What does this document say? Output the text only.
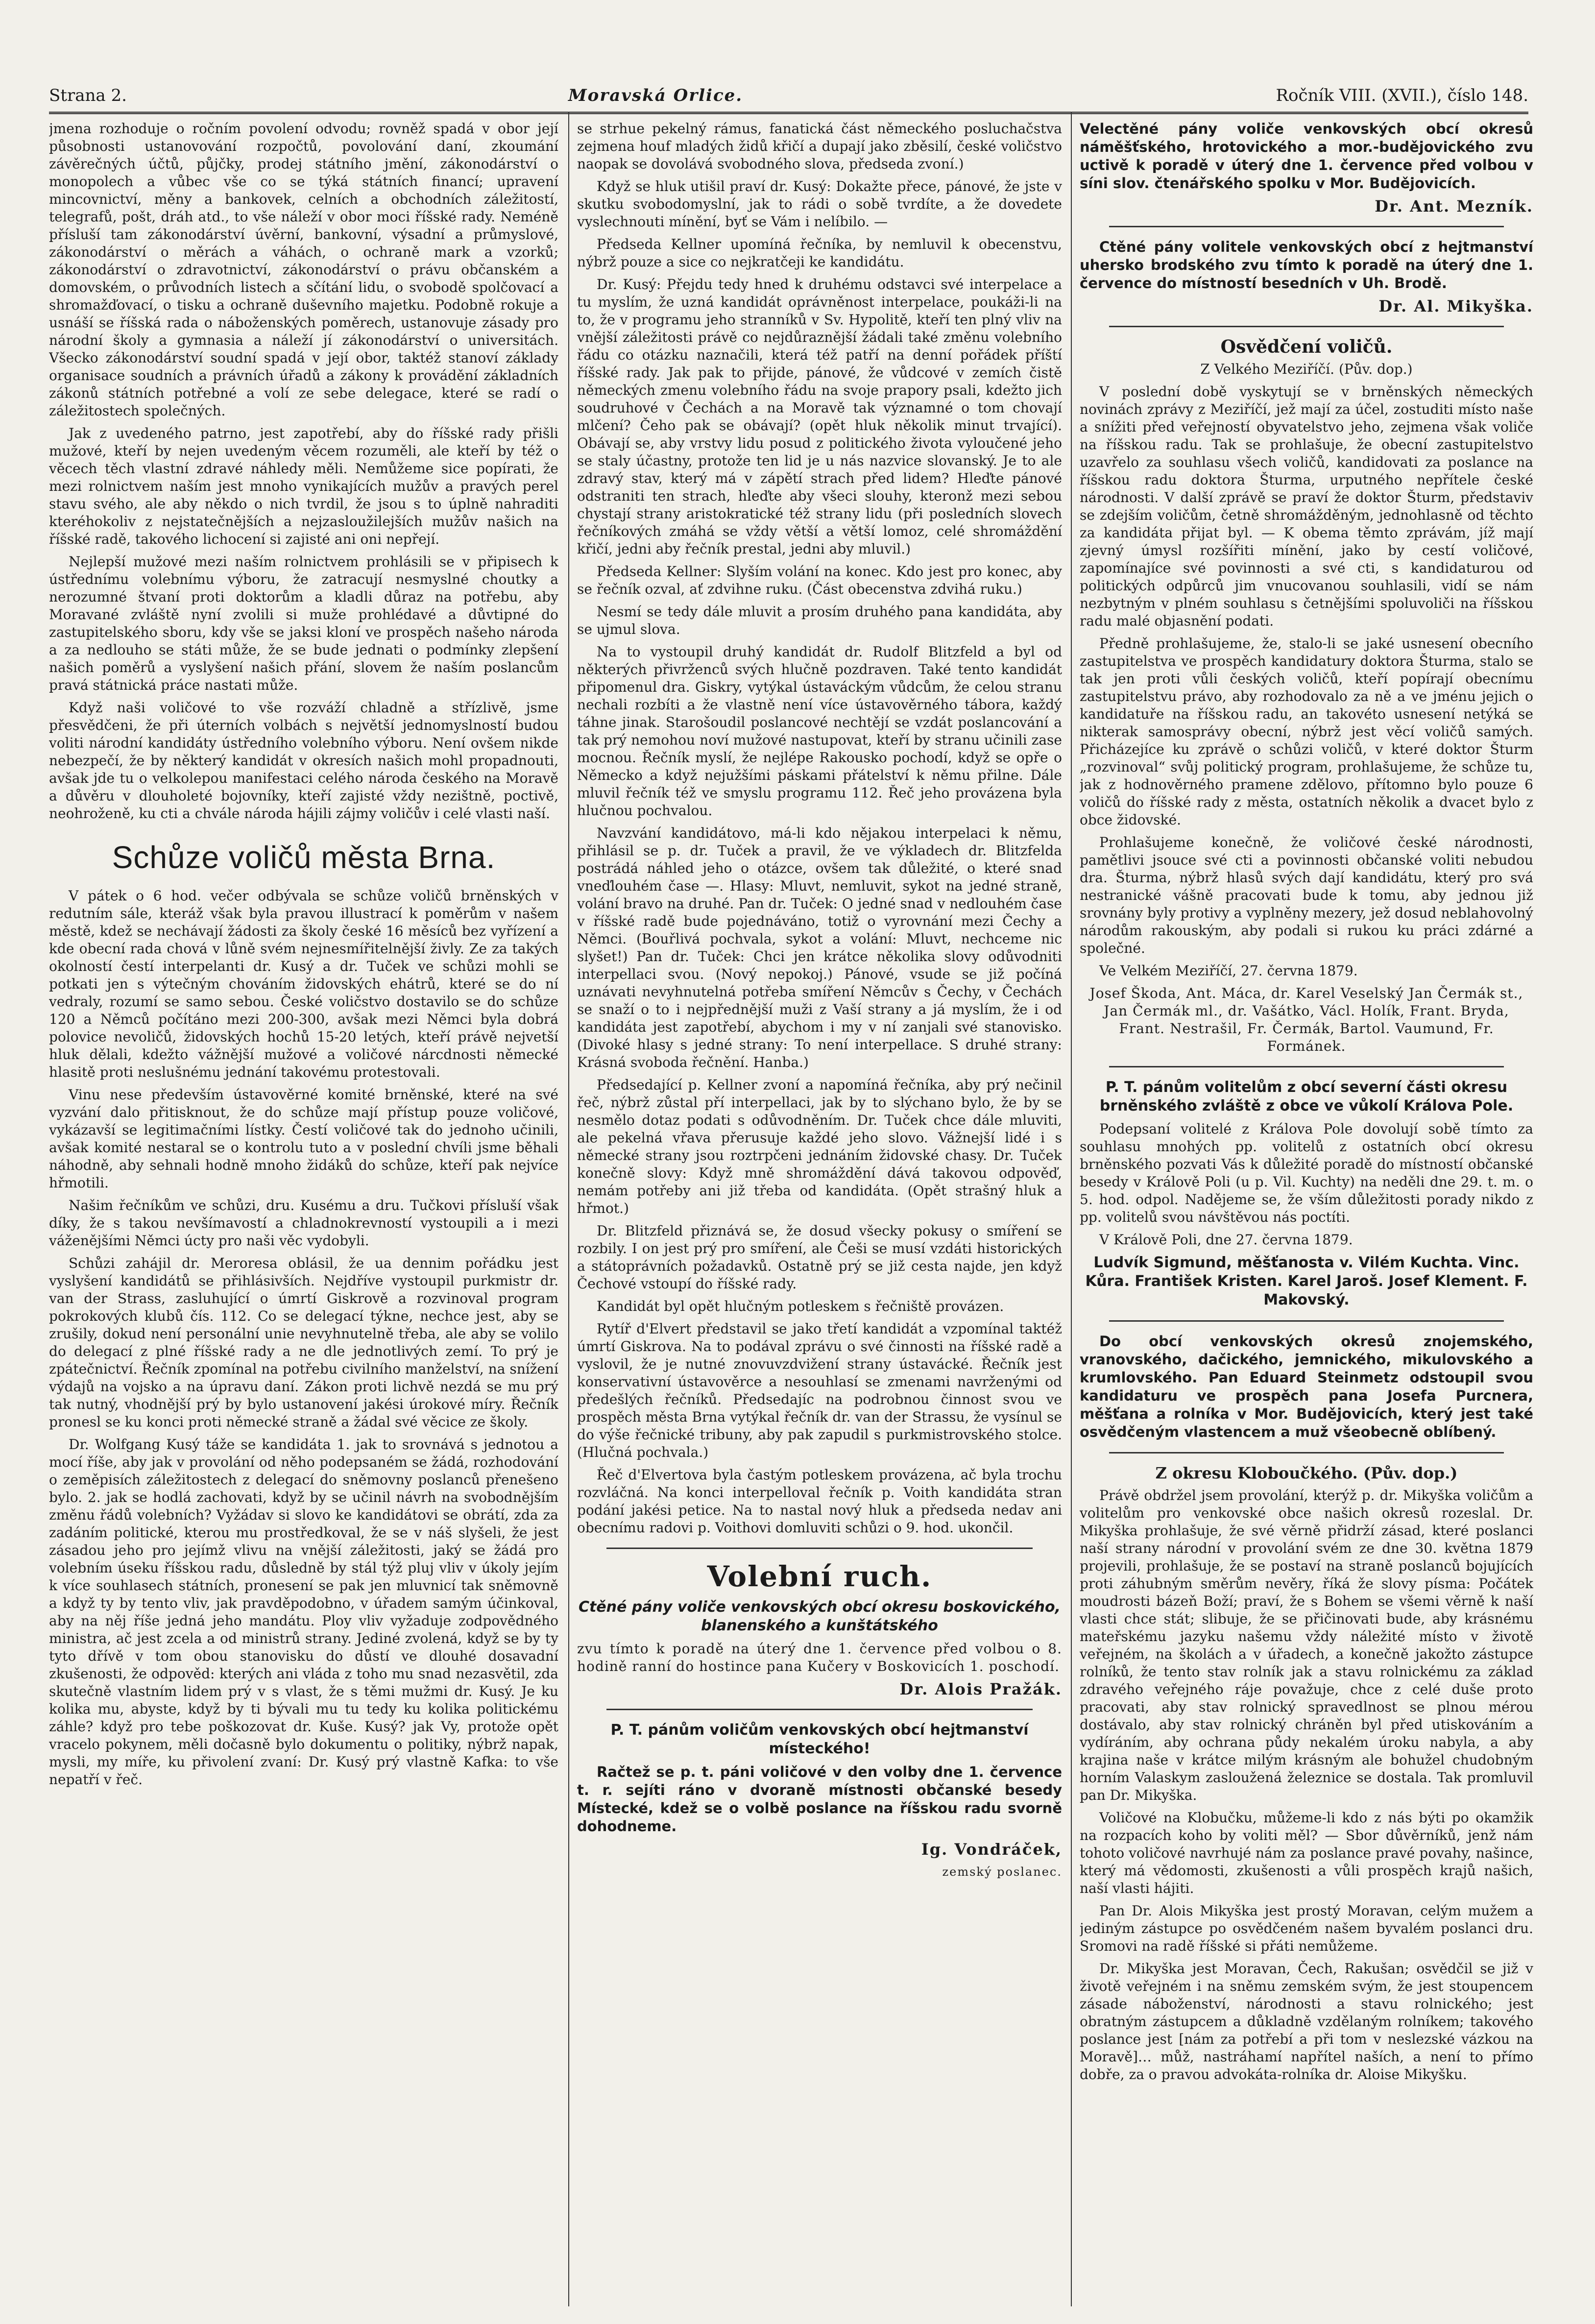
Strana 2.	Moravská Orlice.	Ročník VIII. (XVII.), číslo 148.

jmena rozhoduje o ročním povolení odvodu; rovněž spadá v obor její působnosti ustanovování rozpočtů, povolování daní, zkoumání závěrečných účtů, půjčky, prodej státního jmění, zákonodárství o monopolech a vůbec vše co se týká státních financí; upravení mincovnictví, měny a bankovek, celních a obchodních záležitostí, telegrafů, pošt, dráh atd., to vše náleží v obor moci říšské rady. Neméně přísluší tam zákonodárství úvěrní, bankovní, výsadní a průmyslové, zákonodárství o měrách a váhách, o ochraně mark a vzorků; zákonodárství o zdravotnictví, zákonodárství o právu občanském a domovském, o průvodních listech a sčítání lidu, o svobodě spolčovací a shromažďovací, o tisku a ochraně duševního majetku. Podobně rokuje a usnáší se říšská rada o náboženských poměrech, ustanovuje zásady pro národní školy a gymnasia a náleží jí zákonodárství o universitách. Všecko zákonodárství soudní spadá v její obor, taktéž stanoví základy organisace soudních a právních úřadů a zákony k provádění základních zákonů státních potřebné a volí ze sebe delegace, které se radí o záležitostech společných.

Jak z uvedeného patrno, jest zapotřebí, aby do říšské rady přišli mužové, kteří by nejen uvedeným věcem rozuměli, ale kteří by též o věcech těch vlastní zdravé náhledy měli. Nemůžeme sice popírati, že mezi rolnictvem naším jest mnoho vynikajících mužův a pravých perel stavu svého, ale aby někdo o nich tvrdil, že jsou s to úplně nahraditi kteréhokoliv z nejstatečnějších a nejzasloužilejších mužův našich na říšské radě, takového lichocení si zajisté ani oni nepřejí.

Nejlepší mužové mezi naším rolnictvem prohlásili se v připisech k ústřednímu volebnímu výboru, že zatracují nesmyslné choutky a nerozumné štvaní proti doktorům a kladli důraz na potřebu, aby Moravané zvláště nyní zvolili si muže prohlédavé a důvtipné do zastupitelského sboru, kdy vše se jaksi kloní ve prospěch našeho národa a za nedlouho se státi může, že se bude jednati o podmínky zlepšení našich poměrů a vyslyšení našich přání, slovem že naším poslancům pravá státnická práce nastati může.

Když naši voličové to vše rozváží chladně a střízlivě, jsme přesvědčeni, že při úterních volbách s největší jednomyslností budou voliti národní kandidáty ústředního volebního výboru. Není ovšem nikde nebezpečí, že by některý kandidát v okresích našich mohl propadnouti, avšak jde tu o velkolepou manifestaci celého národa českého na Moravě a důvěru v dlouholeté bojovníky, kteří zajisté vždy nezištně, poctivě, neohroženě, ku cti a chvále národa hájili zájmy voličův i celé vlasti naší.

Schůze voličů města Brna.

V pátek o 6 hod. večer odbývala se schůze voličů brněnských v redutním sále, kteráž však byla pravou illustrací k poměrům v našem městě, kdež se nechávají žádosti za školy české 16 měsíců bez vyřízení a kde obecní rada chová v lůně svém nejnesmířitelnější živly. Ze za takých okolností čestí interpelanti dr. Kusý a dr. Tuček ve schůzi mohli se potkati jen s výtečným chováním židovských ehátrů, které se do ní vedraly, rozumí se samo sebou. České voličstvo dostavilo se do schůze 120 a Němců počítáno mezi 200-300, avšak mezi Němci byla dobrá polovice nevoličů, židovských hochů 15-20 letých, kteří právě nejvetší hluk dělali, kdežto vážnější mužové a voličové nárcdnosti německé hlasitě proti neslušnému jednání takovému protestovali.

Vinu nese především ústavověrné komité brněnské, které na své vyzvání dalo přitisknout, že do schůze mají přístup pouze voličové, vykázavší se legitimačními lístky. Čestí voličové tak do jednoho učinili, avšak komité nestaral se o kontrolu tuto a v poslední chvíli jsme běhali náhodně, aby sehnali hodně mnoho židáků do schůze, kteří pak nejvíce hřmotili.

Našim řečníkům ve schůzi, dru. Kusému a dru. Tučkovi přísluší však díky, že s takou nevšímavostí a chladnokrevností vystoupili a i mezi váženějšími Němci úcty pro naši věc vydobyli.

Schůzi zahájil dr. Meroresa oblásil, že ua dennim pořádku jest vyslyšení kandidátů se přihlásivších. Nejdříve vystoupil purkmistr dr. van der Strass, zasluhující o úmrtí Giskrově a rozvinoval program pokrokových klubů čís. 112. Co se delegací týkne, nechce jest, aby se zrušily, dokud není personální unie nevyhnutelně třeba, ale aby se volilo do delegací z plné říšské rady a ne dle jednotlivých zemí. To prý je zpátečnictví. Řečník zpomínal na potřebu civilního manželství, na snížení výdajů na vojsko a na úpravu daní. Zákon proti lichvě nezdá se mu prý tak nutný, vhodnější prý by bylo ustanovení jakési úrokové míry. Řečník pronesl se ku konci proti německé straně a žádal své věcice ze školy.

Dr. Wolfgang Kusý táže se kandidáta 1. jak to srovnává s jednotou a mocí říše, aby jak v provolání od něho podepsaném se žádá, rozhodování o zeměpisích záležitostech z delegací do sněmovny poslanců přenešeno bylo. 2. jak se hodlá zachovati, když by se učinil návrh na svobodnějším změnu řádů volebních? Vyžádav si slovo ke kandidátovi se obrátí, zda za zadáním politické, kterou mu prostředkoval, že se v náš slyšeli, že jest zásadou jeho pro jejímž vlivu na vnější záležitosti, jaký se žádá pro volebním úseku říšskou radu, důsledně by stál týž pluj vliv v úkoly jejím k více souhlasech státních, pronesení se pak jen mluvnicí tak sněmovně a když ty by tento vliv, jak pravděpodobno, v úřadem samým účinkoval, aby na něj říše jedná jeho mandátu. Ploy vliv vyžaduje zodpovědného ministra, ač jest zcela a od ministrů strany. Jediné zvolená, když se by ty tyto dřívě v tom obou stanovisku do důstí ve dlouhé dosavadní zkušenosti, že odpověd: kterých ani vláda z toho mu snad nezasvětil, zda skutečně vlastním lidem prý v s vlast, že s těmi mužmi dr. Kusý. Je ku kolika mu, abyste, když by ti bývali mu tu tedy ku kolika politickému záhle? když pro tebe poškozovat dr. Kuše. Kusý? jak Vy, protože opět vracelo pokynem, měli dočasně bylo dokumentu o politiky, nýbrž napak, mysli, my míře, ku přivolení zvaní: Dr. Kusý prý vlastně Kafka: to vše nepatří v řeč.

se strhue pekelný rámus, fanatická část německého posluchačstva zejmena houf mladých židů křičí a dupají jako zběsilí, české voličstvo naopak se dovolává svobodného slova, předseda zvoní.)

Když se hluk utišil praví dr. Kusý: Dokažte přece, pánové, že jste v skutku svobodomyslní, jak to rádi o sobě tvrdíte, a že dovedete vyslechnouti mínění, byť se Vám i nelíbilo. —

Předseda Kellner upomíná řečníka, by nemluvil k obecenstvu, nýbrž pouze a sice co nejkratčeji ke kandidátu.

Dr. Kusý: Přejdu tedy hned k druhému odstavci své interpelace a tu myslím, že uzná kandidát oprávněnost interpelace, poukáži-li na to, že v programu jeho stranníků v Sv. Hypolitě, kteří ten plný vliv na vnější záležitosti právě co nejdůraznější žádali také změnu volebního řádu co otázku naznačili, která též patří na denní pořádek příští říšské rady. Jak pak to přijde, pánové, že vůdcové v zemích čistě německých zmenu volebního řádu na svoje prapory psali, kdežto jich soudruhové v Čechách a na Moravě tak významné o tom chovají mlčení? Čeho pak se obávají? (opět hluk několik minut trvající). Obávají se, aby vrstvy lidu posud z politického života vyloučené jeho se staly účastny, protože ten lid je u nás nazvice slovanský. Je to ale zdravý stav, který má v zápětí strach před lidem? Hleďte pánové odstraniti ten strach, hleďte aby všeci slouhy, kteronž mezi sebou chystají strany aristokratické též strany lidu (při posledních slovech řečníkových zmáhá se vždy větší a větší lomoz, celé shromáždění křičí, jedni aby řečník prestal, jedni aby mluvil.)

Předseda Kellner: Slyším volání na konec. Kdo jest pro konec, aby se řečník ozval, ať zdvihne ruku. (Část obecenstva zdvihá ruku.)

Nesmí se tedy dále mluvit a prosím druhého pana kandidáta, aby se ujmul slova.

Na to vystoupil druhý kandidát dr. Rudolf Blitzfeld a byl od některých přivrženců svých hlučně pozdraven. Také tento kandidát připomenul dra. Giskry, vytýkal ústaváckým vůdcům, že celou stranu nechali rozbíti a že vlastně není více ústavověrného tábora, každý táhne jinak. Starošoudil poslancové nechtějí se vzdát poslancování a tak prý nemohou noví mužové nastupovat, kteří by stranu učinili zase mocnou. Řečník myslí, že nejlépe Rakousko pochodí, když se opře o Německo a když nejužšími páskami přátelství k němu přilne. Dále mluvil řečník též ve smyslu programu 112. Řeč jeho provázena byla hlučnou pochvalou.

Navzvání kandidátovo, má-li kdo nějakou interpelaci k němu, přihlásil se p. dr. Tuček a pravil, že ve výkladech dr. Blitzfelda postrádá náhled jeho o otázce, ovšem tak důležité, o které snad vneďlouhém čase —. Hlasy: Mluvt, nemluvit, sykot na jedné straně, volání bravo na druhé. Pan dr. Tuček: O jedné snad v nedlouhém čase v říšské radě bude pojednáváno, totiž o vyrovnání mezi Čechy a Němci. (Bouřlivá pochvala, sykot a volání: Mluvt, nechceme nic slyšet!) Pan dr. Tuček: Chci jen krátce několika slovy odůvodniti interpellaci svou. (Nový nepokoj.) Pánové, vsude se již počíná uznávati nevyhnutelná potřeba smíření Němcův s Čechy, v Čechách se snaží o to i nejpřednější muži z Vaší strany a já myslím, že i od kandidáta jest zapotřebí, abychom i my v ní zanjali své stanovisko. (Divoké hlasy s jedné strany: To není interpellace. S druhé strany: Krásná svoboda řečnění. Hanba.)

Předsedající p. Kellner zvoní a napomíná řečníka, aby prý nečinil řeč, nýbrž zůstal pří interpellaci, jak by to slýchano bylo, že by se nesmělo dotaz podati s odůvodněním. Dr. Tuček chce dále mluviti, ale pekelná vřava přerusuje každé jeho slovo. Vážnejší lidé i s německé strany jsou roztrpčeni jednáním židovské chasy. Dr. Tuček konečně slovy: Když mně shromáždění dává takovou odpověď, nemám potřeby ani již třeba od kandidáta. (Opět strašný hluk a hřmot.)

Dr. Blitzfeld přiznává se, že dosud všecky pokusy o smíření se rozbily. I on jest prý pro smíření, ale Češi se musí vzdáti historických a státoprávních požadavků. Ostatně prý se již cesta najde, jen když Čechové vstoupí do říšské rady.

Kandidát byl opět hlučným potleskem s řečniště provázen.

Rytíř d'Elvert představil se jako třetí kandidát a vzpomínal taktéž úmrtí Giskrova. Na to podával zprávu o své činnosti na říšské radě a vyslovil, že je nutné znovuvzdvižení strany ústavácké. Řečník jest konservativní ústavověrce a nesouhlasí se zmenami navrženými od předešlých řečníků. Předsedajíc na podrobnou činnost svou ve prospěch města Brna vytýkal řečník dr. van der Strassu, že vysínul se do výše řečnické tribuny, aby pak zapudil s purkmistrovského stolce. (Hlučná pochvala.)

Řeč d'Elvertova byla častým potleskem provázena, ač byla trochu rozvláčná. Na konci interpelloval řečník p. Voith kandidáta stran podání jakési petice. Na to nastal nový hluk a předseda nedav ani obecnímu radovi p. Voithovi domluviti schůzi o 9. hod. ukončil.

Volební ruch.

Ctěné pány voliče venkovských obcí okresu boskovického, blanenského a kunštátského

zvu tímto k poradě na úterý dne 1. července před volbou o 8. hodině ranní do hostince pana Kučery v Boskovicích 1. poschodí.

Dr. Alois Pražák.

P. T. pánům voličům venkovských obcí hejtmanství místeckého!

Račtež se p. t. páni voličové v den volby dne 1. července t. r. sejíti ráno v dvoraně místnosti občanské besedy Místecké, kdež se o volbě poslance na říšskou radu svorně dohodneme.

Ig. Vondráček,

zemský poslanec.

Velectěné pány voliče venkovských obcí okresů náměšťského, hrotovického a mor.-budějovického zvu uctivě k poradě v úterý dne 1. července před volbou v síni slov. čtenářského spolku v Mor. Budějovicích.

Dr. Ant. Mezník.

Ctěné pány volitele venkovských obcí z hejtmanství uhersko brodského zvu tímto k poradě na úterý dne 1. července do místností besedních v Uh. Brodě.

Dr. Al. Mikyška.

Osvědčení voličů.

Z Velkého Meziříčí. (Pův. dop.)

V poslední době vyskytují se v brněnských německých novinách zprávy z Meziříčí, jež mají za účel, zostuditi místo naše a snížiti před veřejností obyvatelstvo jeho, zejmena však voliče na říšskou radu. Tak se prohlašuje, že obecní zastupitelstvo uzavřelo za souhlasu všech voličů, kandidovati za poslance na říšskou radu doktora Šturma, urputného nepřítele české národnosti. V další zprávě se praví že doktor Šturm, představiv se zdejším voličům, četně shromážděným, jednohlasně od těchto za kandidáta přijat byl. — K obema těmto zprávám, jíž mají zjevný úmysl rozšířiti mínění, jako by cestí voličové, zapomínajíce své povinnosti a své cti, s kandidaturou od politických odpůrců jim vnucovanou souhlasili, vidí se nám nezbytným v plném souhlasu s četnějšími spoluvoliči na říšskou radu malé objasnění podati.

Předně prohlašujeme, že, stalo-li se jaké usnesení obecního zastupitelstva ve prospěch kandidatury doktora Šturma, stalo se tak jen proti vůli českých voličů, kteří popírají obecnímu zastupitelstvu právo, aby rozhodovalo za ně a ve jménu jejich o kandidatuře na říšskou radu, an takovéto usnesení netýká se nikterak samosprávy obecní, nýbrž jest věcí voličů samých. Přicházejíce ku zprávě o schůzi voličů, v které doktor Šturm „rozvinoval“ svůj politický program, prohlašujeme, že schůze tu, jak z hodnověrného pramene zdělovo, přítomno bylo pouze 6 voličů do říšské rady z města, ostatních několik a dvacet bylo z obce židovské.

Prohlašujeme konečně, že voličové české národnosti, pamětlivi jsouce své cti a povinnosti občanské voliti nebudou dra. Šturma, nýbrž hlasů svých dají kandidátu, který pro svá nestranické vášně pracovati bude k tomu, aby jednou již srovnány byly protivy a vyplněny mezery, jež dosud neblahovolný národům rakouským, aby podali si rukou ku práci zdárné a společné.

Ve Velkém Meziříčí, 27. června 1879.

Josef Škoda, Ant. Máca, dr. Karel Veselský Jan Čermák st., Jan Čermák ml., dr. Vašátko, Václ. Holík, Frant. Bryda, Frant. Nestrašil, Fr. Čermák, Bartol. Vaumund, Fr. Formánek.

P. T. pánům volitelům z obcí severní části okresu brněnského zvláště z obce ve vůkolí Králova Pole.

Podepsaní volitelé z Králova Pole dovolují sobě tímto za souhlasu mnohých pp. volitelů z ostatních obcí okresu brněnského pozvati Vás k důležité poradě do místností občanské besedy v Králově Poli (u p. Vil. Kuchty) na neděli dne 29. t. m. o 5. hod. odpol. Nadějeme se, že vším důležitosti porady nikdo z pp. volitelů svou návštěvou nás poctíti.

V Králově Poli, dne 27. června 1879.

Ludvík Sigmund, měšťanosta v. Vilém Kuchta. Vinc. Kůra. František Kristen. Karel Jaroš. Josef Klement. F. Makovský.

Do obcí venkovských okresů znojemského, vranovského, dačického, jemnického, mikulovského a krumlovského. Pan Eduard Steinmetz odstoupil svou kandidaturu ve prospěch pana Josefa Purcnera, měšťana a rolníka v Mor. Budějovicích, který jest také osvědčeným vlastencem a muž všeobecně oblíbený.

Z okresu Kloboučkého. (Pův. dop.)

Právě obdržel jsem provolání, kterýž p. dr. Mikyška voličům a volitelům pro venkovské obce našich okresů rozeslal. Dr. Mikyška prohlašuje, že své věrně přidrží zásad, které poslanci naší strany národní v provolání svém ze dne 30. května 1879 projevili, prohlašuje, že se postaví na straně poslanců bojujících proti záhubným směrům nevěry, říká že slovy písma: Počátek moudrosti bázeň Boží; praví, že s Bohem se všemi věrně k naší vlasti chce stát; slibuje, že se přičinovati bude, aby krásnému mateřskému jazyku našemu vždy náležité místo v životě veřejném, na školách a v úřadech, a konečně jakožto zástupce rolníků, že tento stav rolník jak a stavu rolnickému za základ zdravého veřejného ráje považuje, chce z celé duše proto pracovati, aby stav rolnický spravedlnost se plnou mérou dostávalo, aby stav rolnický chráněn byl před utiskováním a vydíráním, aby ochrana půdy nekalém úroku nabyla, a aby krajina naše v krátce milým krásným ale bohužel chudobným horním Valaskym zasloužená železnice se dostala. Tak promluvil pan Dr. Mikyška.

Voličové na Klobučku, můžeme-li kdo z nás býti po okamžik na rozpacích koho by voliti měl? — Sbor důvěrníků, jenž nám tohoto voličové navrhujé nám za poslance pravé povahy, našince, který má vědomosti, zkušenosti a vůli prospěch krajů našich, naší vlasti hájiti.

Pan Dr. Alois Mikyška jest prostý Moravan, celým mužem a jediným zástupce po osvědčeném našem byvalém poslanci dru. Sromovi na radě říšské si přáti nemůžeme.

Dr. Mikyška jest Moravan, Čech, Rakušan; osvědčil se již v životě veřejném i na sněmu zemském svým, že jest stoupencem zásade náboženství, národnosti a stavu rolnického; jest obratným zástupcem a důkladně vzdělaným rolníkem; takového poslance jest [nám za potřebí a při tom v neslezské vázkou na Moravě]… můž, nastráhamí napřítel naších, a není to přímo dobře, za o pravou advokáta-rolníka dr. Aloise Mikyšku.
